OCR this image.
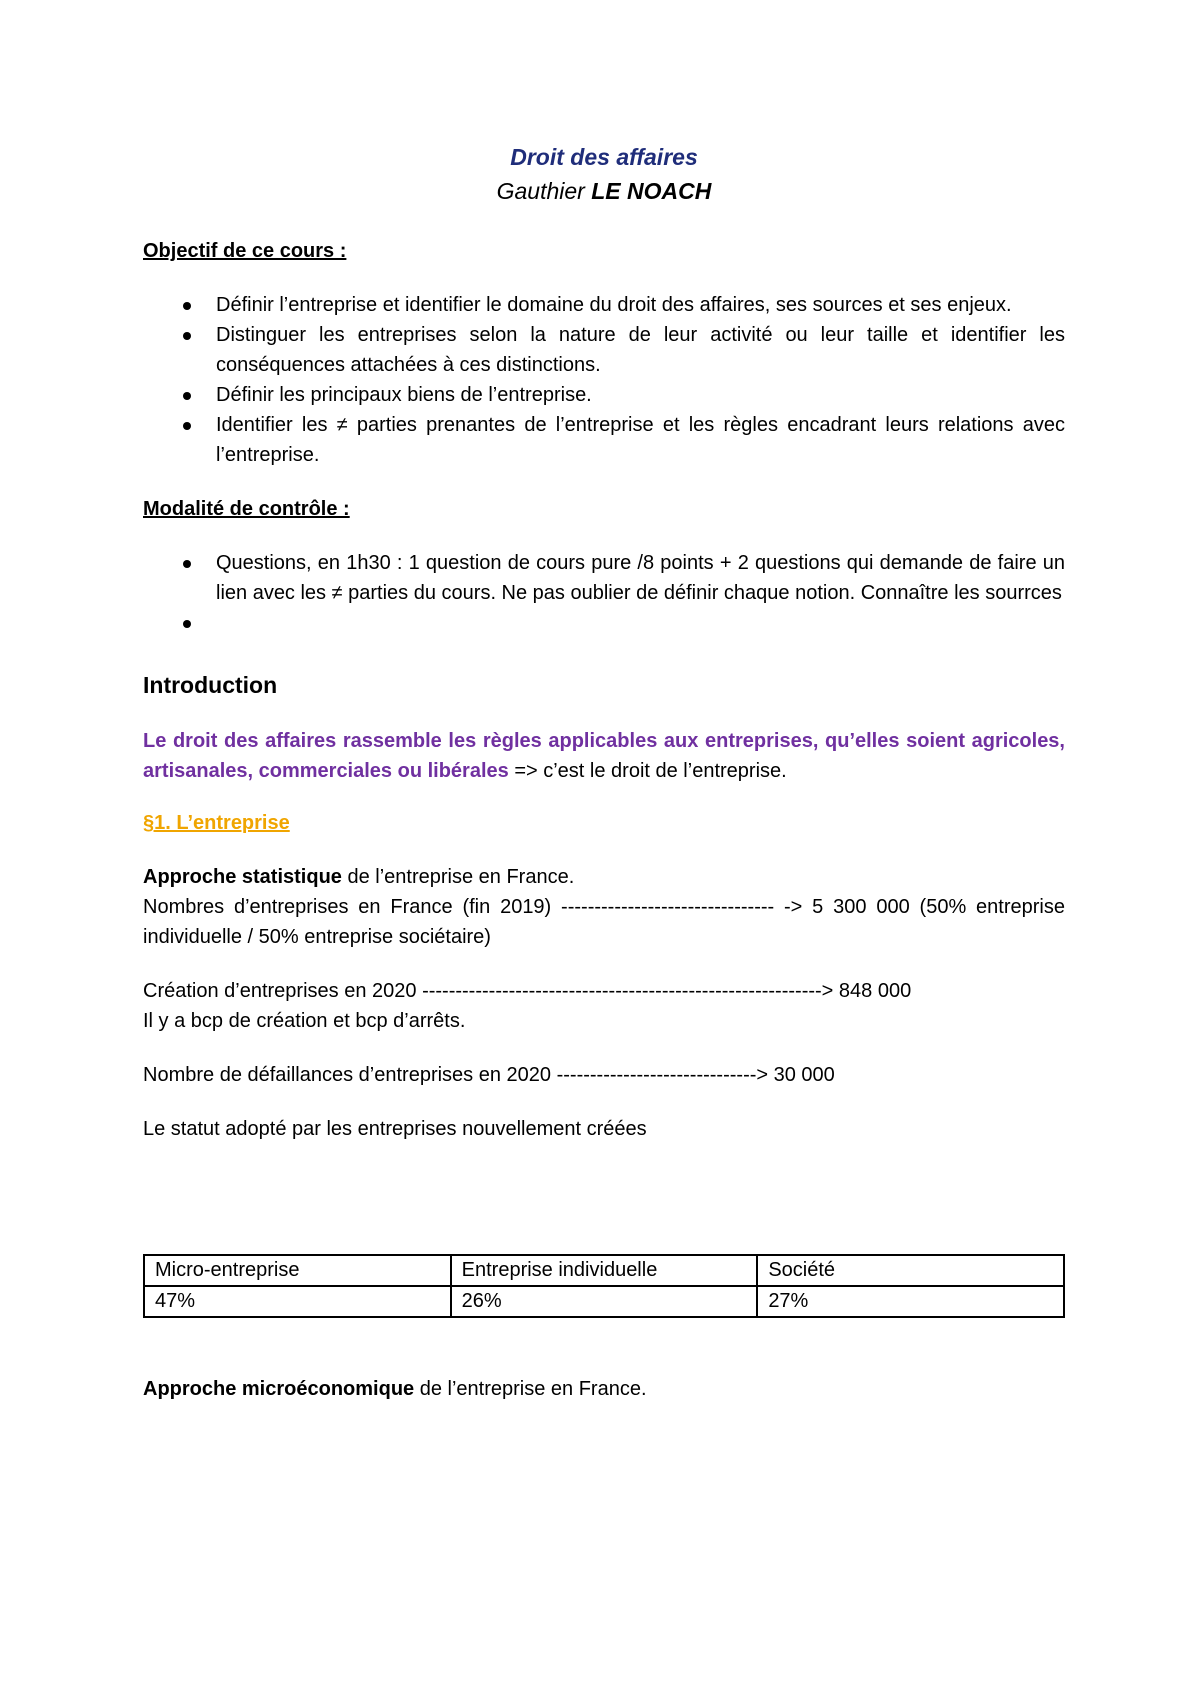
Droit des affaires
Gauthier LE NOACH
Objectif de ce cours :
Définir l’entreprise et identifier le domaine du droit des affaires, ses sources et ses enjeux.
Distinguer les entreprises selon la nature de leur activité ou leur taille et identifier les conséquences attachées à ces distinctions.
Définir les principaux biens de l’entreprise.
Identifier les ≠ parties prenantes de l’entreprise et les règles encadrant leurs relations avec l’entreprise.
Modalité de contrôle :
Questions, en 1h30 : 1 question de cours pure /8 points + 2 questions qui demande de faire un lien avec les ≠ parties du cours. Ne pas oublier de définir chaque notion. Connaître les sourrces
Introduction
Le droit des affaires rassemble les règles applicables aux entreprises, qu’elles soient agricoles, artisanales, commerciales ou libérales => c’est le droit de l’entreprise.
§1. L’entreprise
Approche statistique de l’entreprise en France.
Nombres d’entreprises en France (fin 2019) -------------------------------- -> 5 300 000 (50% entreprise individuelle / 50% entreprise sociétaire)
Création d’entreprises en 2020 ------------------------------------------------------------> 848 000
Il y a bcp de création et bcp d’arrêts.
Nombre de défaillances d’entreprises en 2020 ------------------------------> 30 000
Le statut adopté par les entreprises nouvellement créées
Micro-entreprise	Entreprise individuelle	Société
47%	26%	27%
Approche microéconomique de l’entreprise en France.
